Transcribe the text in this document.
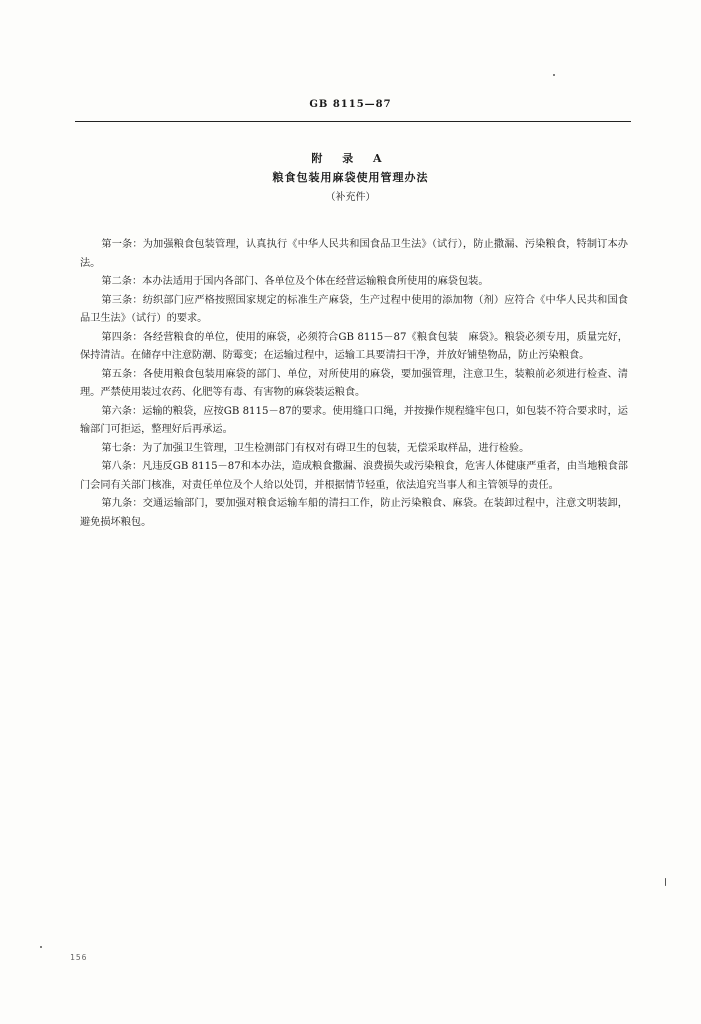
GB 8115—87
附 录 A
粮食包装用麻袋使用管理办法
（补充件）

第一条：为加强粮食包装管理，认真执行《中华人民共和国食品卫生法》（试行），防止撒漏、污染粮食，特制订本办法。

第二条：本办法适用于国内各部门、各单位及个体在经营运输粮食所使用的麻袋包装。

第三条：纺织部门应严格按照国家规定的标准生产麻袋，生产过程中使用的添加物（剂）应符合《中华人民共和国食品卫生法》（试行）的要求。

第四条：各经营粮食的单位，使用的麻袋，必须符合GB 8115－87《粮食包装　麻袋》。粮袋必须专用，质量完好，保持清洁。在储存中注意防潮、防霉变；在运输过程中，运输工具要清扫干净，并放好铺垫物品，防止污染粮食。

第五条：各使用粮食包装用麻袋的部门、单位，对所使用的麻袋，要加强管理，注意卫生，装粮前必须进行检查、清理。严禁使用装过农药、化肥等有毒、有害物的麻袋装运粮食。

第六条：运输的粮袋，应按GB 8115－87的要求。使用缝口口绳，并按操作规程缝牢包口，如包装不符合要求时，运输部门可拒运，整理好后再承运。

第七条：为了加强卫生管理，卫生检测部门有权对有碍卫生的包装，无偿采取样品，进行检验。

第八条：凡违反GB 8115－87和本办法，造成粮食撒漏、浪费损失或污染粮食，危害人体健康严重者，由当地粮食部门会同有关部门核准，对责任单位及个人给以处罚，并根据情节轻重，依法追究当事人和主管领导的责任。

第九条：交通运输部门，要加强对粮食运输车船的清扫工作，防止污染粮食、麻袋。在装卸过程中，注意文明装卸，避免损坏粮包。

156
